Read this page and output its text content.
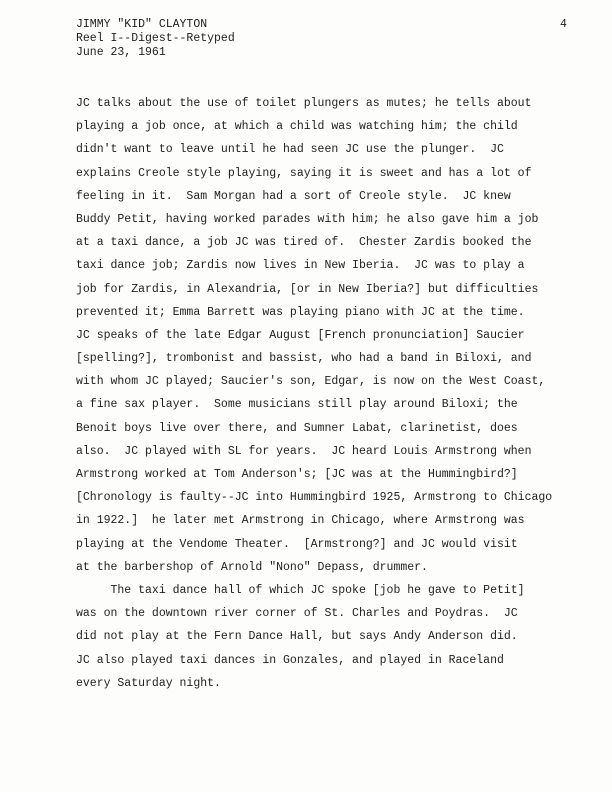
JIMMY "KID" CLAYTON
Reel I--Digest--Retyped
June 23, 1961
4
JC talks about the use of toilet plungers as mutes; he tells about
playing a job once, at which a child was watching him; the child
didn't want to leave until he had seen JC use the plunger.  JC
explains Creole style playing, saying it is sweet and has a lot of
feeling in it.  Sam Morgan had a sort of Creole style.  JC knew
Buddy Petit, having worked parades with him; he also gave him a job
at a taxi dance, a job JC was tired of.  Chester Zardis booked the
taxi dance job; Zardis now lives in New Iberia.  JC was to play a
job for Zardis, in Alexandria, [or in New Iberia?] but difficulties
prevented it; Emma Barrett was playing piano with JC at the time.
JC speaks of the late Edgar August [French pronunciation] Saucier
[spelling?], trombonist and bassist, who had a band in Biloxi, and
with whom JC played; Saucier's son, Edgar, is now on the West Coast,
a fine sax player.  Some musicians still play around Biloxi; the
Benoit boys live over there, and Sumner Labat, clarinetist, does
also.  JC played with SL for years.  JC heard Louis Armstrong when
Armstrong worked at Tom Anderson's; [JC was at the Hummingbird?]
[Chronology is faulty--JC into Hummingbird 1925, Armstrong to Chicago
in 1922.]  he later met Armstrong in Chicago, where Armstrong was
playing at the Vendome Theater.  [Armstrong?] and JC would visit
at the barbershop of Arnold "Nono" Depass, drummer.
The taxi dance hall of which JC spoke [job he gave to Petit]
was on the downtown river corner of St. Charles and Poydras.  JC
did not play at the Fern Dance Hall, but says Andy Anderson did.
JC also played taxi dances in Gonzales, and played in Raceland
every Saturday night.
